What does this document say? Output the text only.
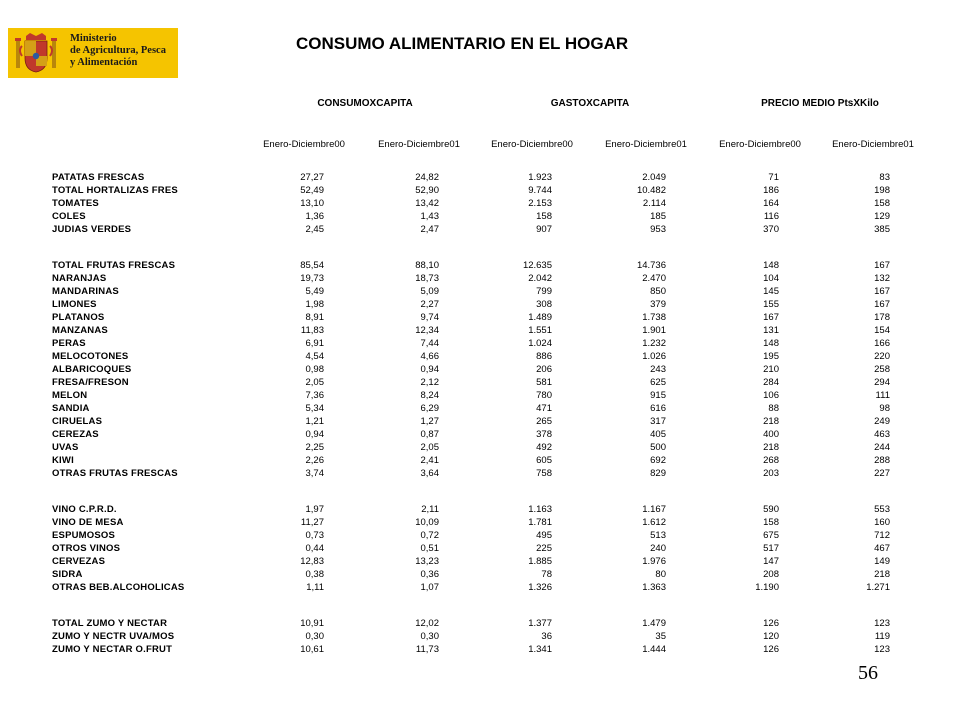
Ministerio
de Agricultura, Pesca
y Alimentación
CONSUMO ALIMENTARIO EN EL HOGAR
CONSUMOXCAPITA	GASTOXCAPITA	PRECIO MEDIO PtsXKilo
Enero-Diciembre00	Enero-Diciembre01	Enero-Diciembre00	Enero-Diciembre01	Enero-Diciembre00	Enero-Diciembre01
PATATAS FRESCAS	27,27	24,82	1.923	2.049	71	83
TOTAL HORTALIZAS FRES	52,49	52,90	9.744	10.482	186	198
TOMATES	13,10	13,42	2.153	2.114	164	158
COLES	1,36	1,43	158	185	116	129
JUDIAS VERDES	2,45	2,47	907	953	370	385
TOTAL FRUTAS FRESCAS	85,54	88,10	12.635	14.736	148	167
NARANJAS	19,73	18,73	2.042	2.470	104	132
MANDARINAS	5,49	5,09	799	850	145	167
LIMONES	1,98	2,27	308	379	155	167
PLATANOS	8,91	9,74	1.489	1.738	167	178
MANZANAS	11,83	12,34	1.551	1.901	131	154
PERAS	6,91	7,44	1.024	1.232	148	166
MELOCOTONES	4,54	4,66	886	1.026	195	220
ALBARICOQUES	0,98	0,94	206	243	210	258
FRESA/FRESON	2,05	2,12	581	625	284	294
MELON	7,36	8,24	780	915	106	111
SANDIA	5,34	6,29	471	616	88	98
CIRUELAS	1,21	1,27	265	317	218	249
CEREZAS	0,94	0,87	378	405	400	463
UVAS	2,25	2,05	492	500	218	244
KIWI	2,26	2,41	605	692	268	288
OTRAS FRUTAS FRESCAS	3,74	3,64	758	829	203	227
VINO C.P.R.D.	1,97	2,11	1.163	1.167	590	553
VINO DE MESA	11,27	10,09	1.781	1.612	158	160
ESPUMOSOS	0,73	0,72	495	513	675	712
OTROS VINOS	0,44	0,51	225	240	517	467
CERVEZAS	12,83	13,23	1.885	1.976	147	149
SIDRA	0,38	0,36	78	80	208	218
OTRAS BEB.ALCOHOLICAS	1,11	1,07	1.326	1.363	1.190	1.271
TOTAL ZUMO Y NECTAR	10,91	12,02	1.377	1.479	126	123
ZUMO Y NECTR UVA/MOS	0,30	0,30	36	35	120	119
ZUMO Y NECTAR O.FRUT	10,61	11,73	1.341	1.444	126	123
56
